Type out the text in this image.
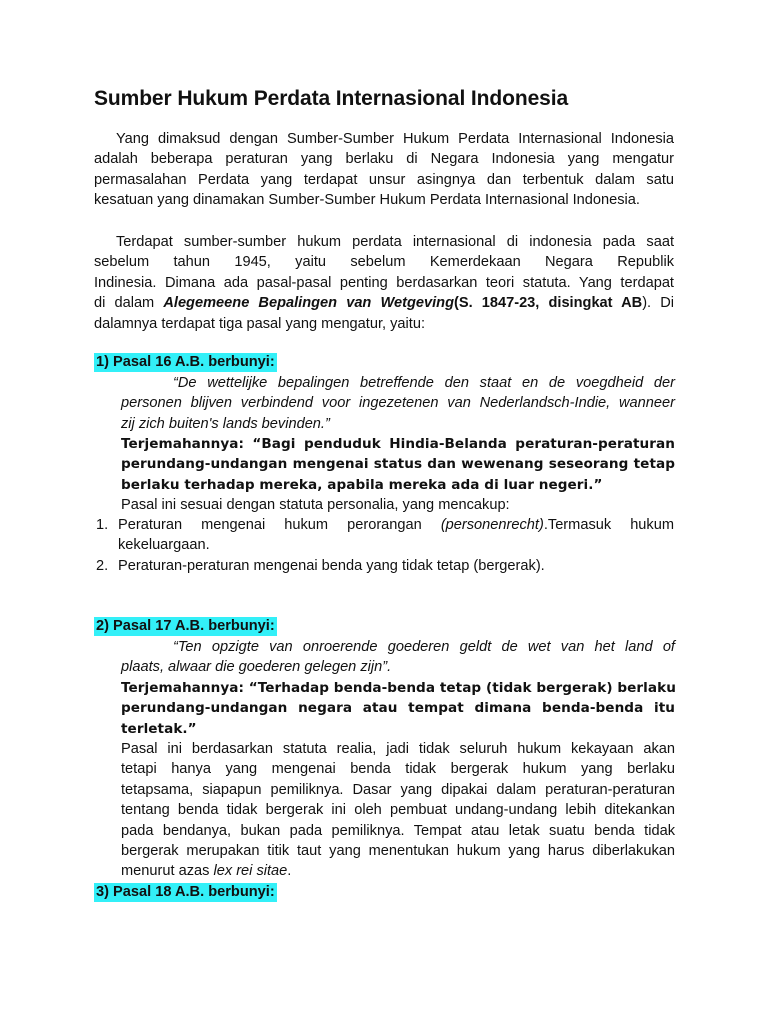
Sumber Hukum Perdata Internasional Indonesia
Yang dimaksud dengan Sumber-Sumber Hukum Perdata Internasional Indonesia
adalah beberapa peraturan yang berlaku di Negara Indonesia yang mengatur
permasalahan Perdata yang terdapat unsur asingnya dan terbentuk dalam satu
kesatuan yang dinamakan Sumber-Sumber Hukum Perdata Internasional Indonesia.
Terdapat sumber-sumber hukum perdata internasional di indonesia pada saat
sebelum tahun 1945, yaitu sebelum Kemerdekaan Negara Republik
Indinesia. Dimana ada pasal-pasal penting berdasarkan teori statuta. Yang terdapat
di dalam Alegemeene Bepalingen van Wetgeving(S. 1847-23, disingkat AB). Di
dalamnya terdapat tiga pasal yang mengatur, yaitu:
1) Pasal 16 A.B. berbunyi:
“De wettelijke bepalingen betreffende den staat en de voegdheid der
personen blijven verbindend voor ingezetenen van Nederlandsch-Indie, wanneer
zij zich buiten's lands bevinden.”
Terjemahannya: “Bagi penduduk Hindia-Belanda peraturan-peraturan
perundang-undangan mengenai status dan wewenang seseorang tetap
berlaku terhadap mereka, apabila mereka ada di luar negeri.”
Pasal ini sesuai dengan statuta personalia, yang mencakup:
1. Peraturan mengenai hukum perorangan (personenrecht).Termasuk hukum
kekeluargaan.
2. Peraturan-peraturan mengenai benda yang tidak tetap (bergerak).
2) Pasal 17 A.B. berbunyi:
“Ten opzigte van onroerende goederen geldt de wet van het land of
plaats, alwaar die goederen gelegen zijn”.
Terjemahannya: “Terhadap benda-benda tetap (tidak bergerak) berlaku
perundang-undangan negara atau tempat dimana benda-benda itu
terletak.”
Pasal ini berdasarkan statuta realia, jadi tidak seluruh hukum kekayaan akan
tetapi hanya yang mengenai benda tidak bergerak hukum yang berlaku
tetapsama, siapapun pemiliknya. Dasar yang dipakai dalam peraturan-peraturan
tentang benda tidak bergerak ini oleh pembuat undang-undang lebih ditekankan
pada bendanya, bukan pada pemiliknya. Tempat atau letak suatu benda tidak
bergerak merupakan titik taut yang menentukan hukum yang harus diberlakukan
menurut azas lex rei sitae.
3) Pasal 18 A.B. berbunyi:
